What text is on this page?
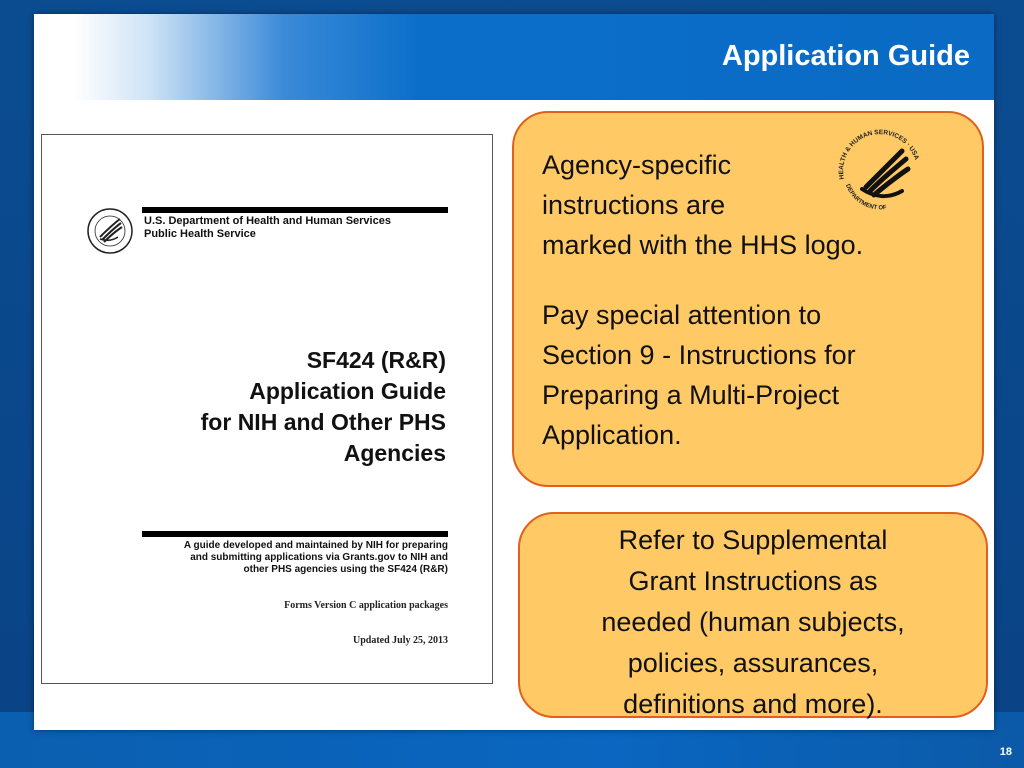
Application Guide
U.S. Department of Health and Human Services
Public Health Service
SF424 (R&R)
Application Guide
for NIH and Other PHS
Agencies
A guide developed and maintained by NIH for preparing
and submitting applications via Grants.gov to NIH and
other PHS agencies using the SF424 (R&R)
Forms Version C application packages
Updated July 25, 2013
Agency-specific
instructions are
marked with the HHS logo.
Pay special attention to
Section 9 - Instructions for
Preparing a Multi-Project
Application.
HEALTH & HUMAN SERVICES · USA
DEPARTMENT OF
Refer to Supplemental
Grant Instructions as
needed (human subjects,
policies, assurances,
definitions and more).
18
